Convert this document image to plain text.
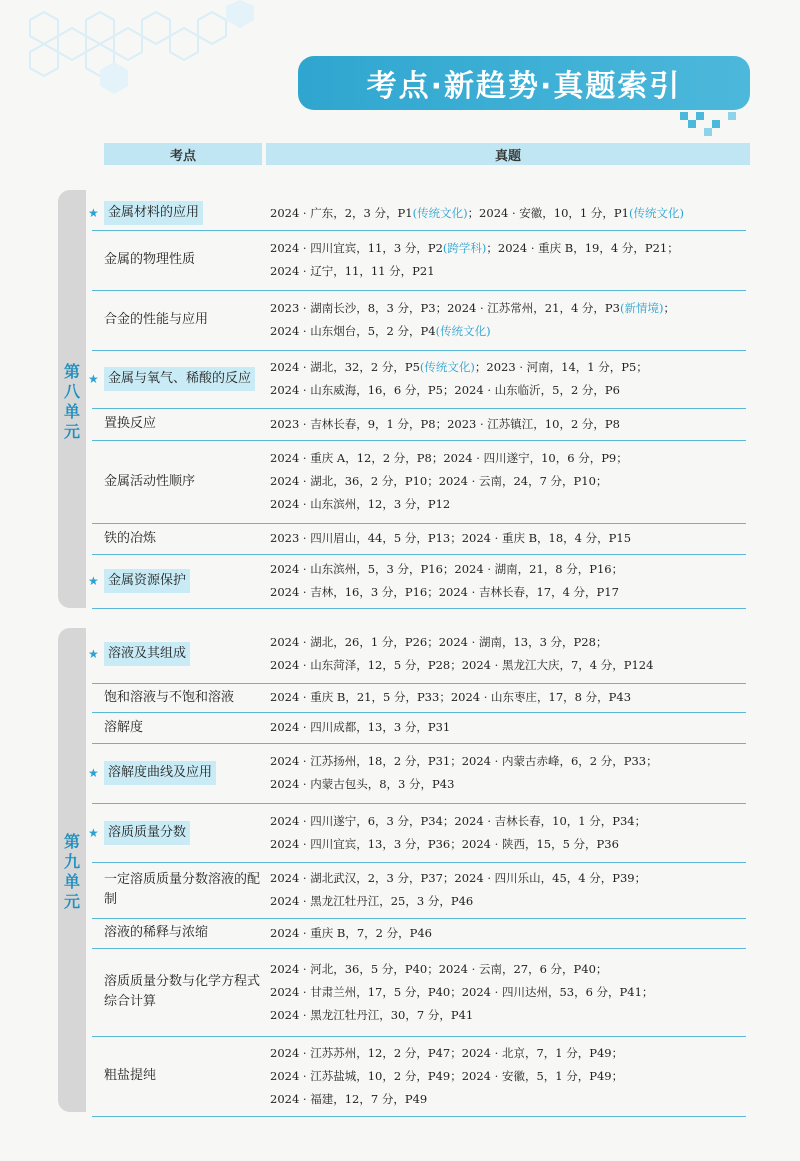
考点·新趋势·真题索引
考点	真题
第八单元
第九单元
★ 金属材料的应用	2024 · 广东，2，3 分，P1(传统文化)；2024 · 安徽，10，1 分，P1(传统文化)
金属的物理性质
2024 · 四川宜宾，11，3 分，P2(跨学科)；2024 · 重庆 B，19，4 分，P21；
2024 · 辽宁，11，11 分，P21
合金的性能与应用
2023 · 湖南长沙，8，3 分，P3；2024 · 江苏常州，21，4 分，P3(新情境)；
2024 · 山东烟台，5，2 分，P4(传统文化)
★ 金属与氧气、稀酸的反应
2024 · 湖北，32，2 分，P5(传统文化)；2023 · 河南，14，1 分，P5；
2024 · 山东威海，16，6 分，P5；2024 · 山东临沂，5，2 分，P6
置换反应	2023 · 吉林长春，9，1 分，P8；2023 · 江苏镇江，10，2 分，P8
金属活动性顺序
2024 · 重庆 A，12，2 分，P8；2024 · 四川遂宁，10，6 分，P9；
2024 · 湖北，36，2 分，P10；2024 · 云南，24，7 分，P10；
2024 · 山东滨州，12，3 分，P12
铁的冶炼	2023 · 四川眉山，44，5 分，P13；2024 · 重庆 B，18，4 分，P15
★ 金属资源保护
2024 · 山东滨州，5，3 分，P16；2024 · 湖南，21，8 分，P16；
2024 · 吉林，16，3 分，P16；2024 · 吉林长春，17，4 分，P17
★ 溶液及其组成
2024 · 湖北，26，1 分，P26；2024 · 湖南，13，3 分，P28；
2024 · 山东菏泽，12，5 分，P28；2024 · 黑龙江大庆，7，4 分，P124
饱和溶液与不饱和溶液	2024 · 重庆 B，21，5 分，P33；2024 · 山东枣庄，17，8 分，P43
溶解度	2024 · 四川成都，13，3 分，P31
★ 溶解度曲线及应用
2024 · 江苏扬州，18，2 分，P31；2024 · 内蒙古赤峰，6，2 分，P33；
2024 · 内蒙古包头，8，3 分，P43
★ 溶质质量分数
2024 · 四川遂宁，6，3 分，P34；2024 · 吉林长春，10，1 分，P34；
2024 · 四川宜宾，13，3 分，P36；2024 · 陕西，15，5 分，P36
一定溶质质量分数溶液的配制
2024 · 湖北武汉，2，3 分，P37；2024 · 四川乐山，45，4 分，P39；
2024 · 黑龙江牡丹江，25，3 分，P46
溶液的稀释与浓缩	2024 · 重庆 B，7，2 分，P46
溶质质量分数与化学方程式综合计算
2024 · 河北，36，5 分，P40；2024 · 云南，27，6 分，P40；
2024 · 甘肃兰州，17，5 分，P40；2024 · 四川达州，53，6 分，P41；
2024 · 黑龙江牡丹江，30，7 分，P41
粗盐提纯
2024 · 江苏苏州，12，2 分，P47；2024 · 北京，7，1 分，P49；
2024 · 江苏盐城，10，2 分，P49；2024 · 安徽，5，1 分，P49；
2024 · 福建，12，7 分，P49
